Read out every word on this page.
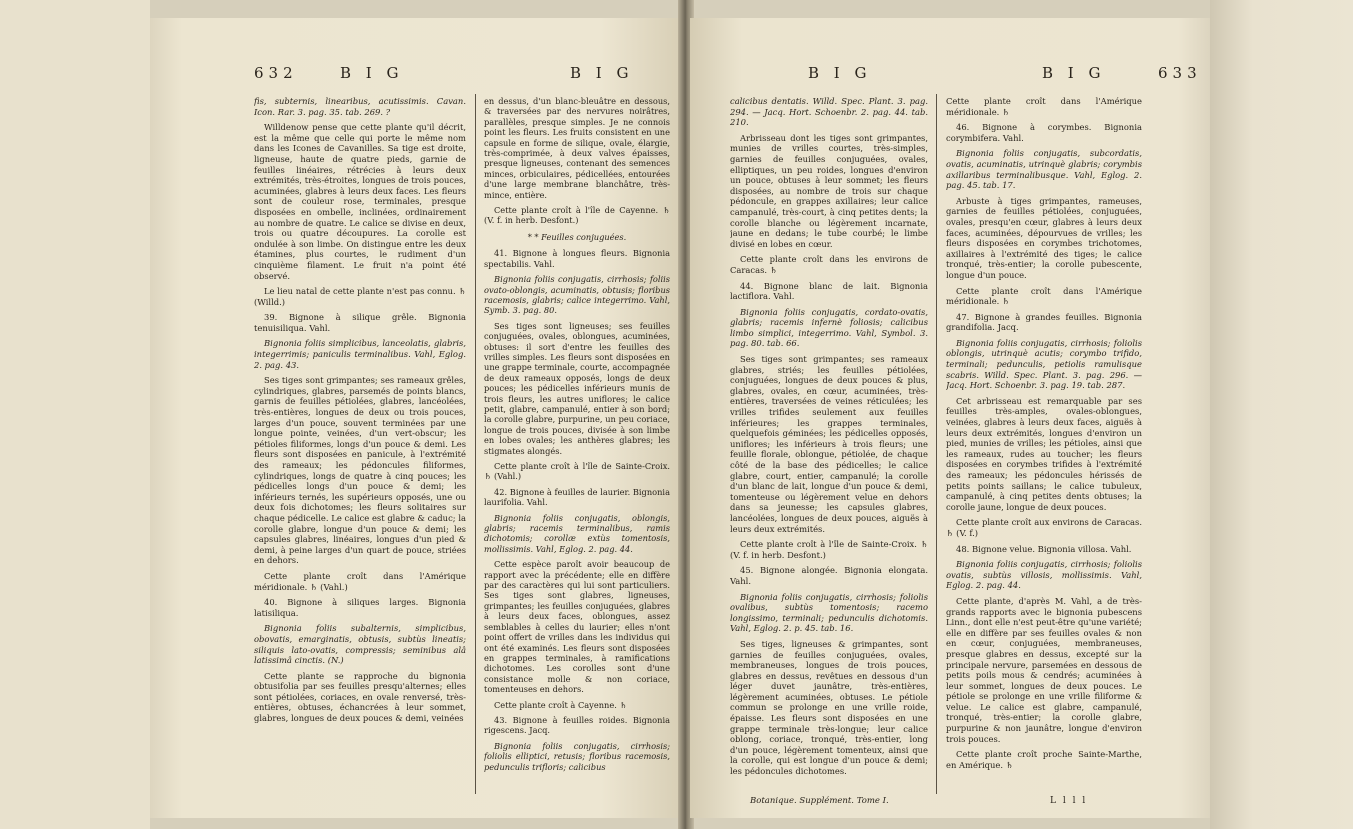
632	B I G	B I G

fis, subternis, linearibus, acutissimis. Cavan. Icon. Rar. 3. pag. 35. tab. 269. ?

Willdenow pense que cette plante qu'il décrit, est la même que celle qui porte le même nom dans les Icones de Cavanilles. Sa tige est droite, ligneuse, haute de quatre pieds, garnie de feuilles linéaires, rétrécies à leurs deux extrémités, très-étroites, longues de trois pouces, acuminées, glabres à leurs deux faces. Les fleurs sont de couleur rose, terminales, presque disposées en ombelle, inclinées, ordinairement au nombre de quatre. Le calice se divise en deux, trois ou quatre découpures. La corolle est ondulée à son limbe. On distingue entre les deux étamines, plus courtes, le rudiment d'un cinquième filament. Le fruit n'a point été observé.

Le lieu natal de cette plante n'est pas connu. ♄ (Willd.)

39. Bignone à silique grêle. Bignonia tenuisiliqua. Vahl.

Bignonia foliis simplicibus, lanceolatis, glabris, integerrimis; paniculis terminalibus. Vahl, Eglog. 2. pag. 43.

Ses tiges sont grimpantes; ses rameaux grêles, cylindriques, glabres, parsemés de points blancs, garnis de feuilles pétiolées, glabres, lancéolées, très-entières, longues de deux ou trois pouces, larges d'un pouce, souvent terminées par une longue pointe, veinées, d'un vert-obscur; les pétioles filiformes, longs d'un pouce & demi. Les fleurs sont disposées en panicule, à l'extrémité des rameaux; les pédoncules filiformes, cylindriques, longs de quatre à cinq pouces; les pédicelles longs d'un pouce & demi; les inférieurs ternés, les supérieurs opposés, une ou deux fois dichotomes; les fleurs solitaires sur chaque pédicelle. Le calice est glabre & caduc; la corolle glabre, longue d'un pouce & demi; les capsules glabres, linéaires, longues d'un pied & demi, à peine larges d'un quart de pouce, striées en dehors.

Cette plante croît dans l'Amérique méridionale. ♄ (Vahl.)

40. Bignone à siliques larges. Bignonia latisiliqua.

Bignonia foliis subalternis, simplicibus, obovatis, emarginatis, obtusis, subtùs lineatis; siliquis lato-ovatis, compressis; seminibus alâ latissimâ cinctis. (N.)

Cette plante se rapproche du bignonia obtusifolia par ses feuilles presqu'alternes; elles sont pétiolées, coriaces, en ovale renversé, très-entières, obtuses, échancrées à leur sommet, glabres, longues de deux pouces & demi, veinées

en dessus, d'un blanc-bleuâtre en dessous, & traversées par des nervures noirâtres, parallèles, presque simples. Je ne connois point les fleurs. Les fruits consistent en une capsule en forme de silique, ovale, élargie, très-comprimée, à deux valves épaisses, presque ligneuses, contenant des semences minces, orbiculaires, pédicellées, entourées d'une large membrane blanchâtre, très-mince, entière.

Cette plante croît à l'île de Cayenne. ♄ (V. f. in herb. Desfont.)

* * Feuilles conjuguées.

41. Bignone à longues fleurs. Bignonia spectabilis. Vahl.

Bignonia foliis conjugatis, cirrhosis; foliis ovato-oblongis, acuminatis, obtusis; floribus racemosis, glabris; calice integerrimo. Vahl, Symb. 3. pag. 80.

Ses tiges sont ligneuses; ses feuilles conjuguées, ovales, oblongues, acuminées, obtuses: il sort d'entre les feuilles des vrilles simples. Les fleurs sont disposées en une grappe terminale, courte, accompagnée de deux rameaux opposés, longs de deux pouces; les pédicelles inférieurs munis de trois fleurs, les autres uniflores; le calice petit, glabre, campanulé, entier à son bord; la corolle glabre, purpurine, un peu coriace, longue de trois pouces, divisée à son limbe en lobes ovales; les anthères glabres; les stigmates alongés.

Cette plante croît à l'île de Sainte-Croix. ♄ (Vahl.)

42. Bignone à feuilles de laurier. Bignonia laurifolia. Vahl.

Bignonia foliis conjugatis, oblongis, glabris; racemis terminalibus, ramis dichotomis; corollæ extùs tomentosis, mollissimis. Vahl, Eglog. 2. pag. 44.

Cette espèce paroît avoir beaucoup de rapport avec la précédente; elle en diffère par des caractères qui lui sont particuliers. Ses tiges sont glabres, ligneuses, grimpantes; les feuilles conjuguées, glabres à leurs deux faces, oblongues, assez semblables à celles du laurier; elles n'ont point offert de vrilles dans les individus qui ont été examinés. Les fleurs sont disposées en grappes terminales, à ramifications dichotomes. Les corolles sont d'une consistance molle & non coriace, tomenteuses en dehors.

Cette plante croît à Cayenne. ♄

43. Bignone à feuilles roides. Bignonia rigescens. Jacq.

Bignonia foliis conjugatis, cirrhosis; foliolis elliptici, retusis; floribus racemosis, pedunculis trifloris; calicibus

B I G	B I G	633

calicibus dentatis. Willd. Spec. Plant. 3. pag. 294. — Jacq. Hort. Schoenbr. 2. pag. 44. tab. 210.

Arbrisseau dont les tiges sont grimpantes, munies de vrilles courtes, très-simples, garnies de feuilles conjuguées, ovales, elliptiques, un peu roides, longues d'environ un pouce, obtuses à leur sommet; les fleurs disposées, au nombre de trois sur chaque pédoncule, en grappes axillaires; leur calice campanulé, très-court, à cinq petites dents; la corolle blanche ou légèrement incarnate, jaune en dedans; le tube courbé; le limbe divisé en lobes en cœur.

Cette plante croît dans les environs de Caracas. ♄

44. Bignone blanc de lait. Bignonia lactiflora. Vahl.

Bignonia foliis conjugatis, cordato-ovatis, glabris; racemis infernè foliosis; calicibus limbo simplici, integerrimo. Vahl, Symbol. 3. pag. 80. tab. 66.

Ses tiges sont grimpantes; ses rameaux glabres, striés; les feuilles pétiolées, conjuguées, longues de deux pouces & plus, glabres, ovales, en cœur, acuminées, très-entières, traversées de veines réticulées; les vrilles trifides seulement aux feuilles inférieures; les grappes terminales, quelquefois géminées; les pédicelles opposés, uniflores; les inférieurs à trois fleurs; une feuille florale, oblongue, pétiolée, de chaque côté de la base des pédicelles; le calice glabre, court, entier, campanulé; la corolle d'un blanc de lait, longue d'un pouce & demi, tomenteuse ou légèrement velue en dehors dans sa jeunesse; les capsules glabres, lancéolées, longues de deux pouces, aiguës à leurs deux extrémités.

Cette plante croît à l'île de Sainte-Croix. ♄ (V. f. in herb. Desfont.)

45. Bignone alongée. Bignonia elongata. Vahl.

Bignonia foliis conjugatis, cirrhosis; foliolis ovalibus, subtùs tomentosis; racemo longissimo, terminali; pedunculis dichotomis. Vahl, Eglog. 2. p. 45. tab. 16.

Ses tiges, ligneuses & grimpantes, sont garnies de feuilles conjuguées, ovales, membraneuses, longues de trois pouces, glabres en dessus, revêtues en dessous d'un léger duvet jaunâtre, très-entières, légèrement acuminées, obtuses. Le pétiole commun se prolonge en une vrille roide, épaisse. Les fleurs sont disposées en une grappe terminale très-longue; leur calice oblong, coriace, tronqué, très-entier, long d'un pouce, légèrement tomenteux, ainsi que la corolle, qui est longue d'un pouce & demi; les pédoncules dichotomes.

Cette plante croît dans l'Amérique méridionale. ♄

46. Bignone à corymbes. Bignonia corymbifera. Vahl.

Bignonia foliis conjugatis, subcordatis, ovatis, acuminatis, utrinquè glabris; corymbis axillaribus terminalibusque. Vahl, Eglog. 2. pag. 45. tab. 17.

Arbuste à tiges grimpantes, rameuses, garnies de feuilles pétiolées, conjuguées, ovales, presqu'en cœur, glabres à leurs deux faces, acuminées, dépourvues de vrilles; les fleurs disposées en corymbes trichotomes, axillaires à l'extrémité des tiges; le calice tronqué, très-entier; la corolle pubescente, longue d'un pouce.

Cette plante croît dans l'Amérique méridionale. ♄

47. Bignone à grandes feuilles. Bignonia grandifolia. Jacq.

Bignonia foliis conjugatis, cirrhosis; foliolis oblongis, utrinquè acutis; corymbo trifido, terminali; pedunculis, petiolis ramulisque scabris. Willd. Spec. Plant. 3. pag. 296. — Jacq. Hort. Schoenbr. 3. pag. 19. tab. 287.

Cet arbrisseau est remarquable par ses feuilles très-amples, ovales-oblongues, veinées, glabres à leurs deux faces, aiguës à leurs deux extrémités, longues d'environ un pied, munies de vrilles; les pétioles, ainsi que les rameaux, rudes au toucher; les fleurs disposées en corymbes trifides à l'extrémité des rameaux; les pédoncules hérissés de petits points saillans; le calice tubuleux, campanulé, à cinq petites dents obtuses; la corolle jaune, longue de deux pouces.

Cette plante croît aux environs de Caracas. ♄ (V. f.)

48. Bignone velue. Bignonia villosa. Vahl.

Bignonia foliis conjugatis, cirrhosis; foliolis ovatis, subtùs villosis, mollissimis. Vahl, Eglog. 2. pag. 44.

Cette plante, d'après M. Vahl, a de très-grands rapports avec le bignonia pubescens Linn., dont elle n'est peut-être qu'une variété; elle en diffère par ses feuilles ovales & non en cœur, conjuguées, membraneuses, presque glabres en dessus, excepté sur la principale nervure, parsemées en dessous de petits poils mous & cendrés; acuminées à leur sommet, longues de deux pouces. Le pétiole se prolonge en une vrille filiforme & velue. Le calice est glabre, campanulé, tronqué, très-entier; la corolle glabre, purpurine & non jaunâtre, longue d'environ trois pouces.

Cette plante croît proche Sainte-Marthe, en Amérique. ♄

Botanique. Supplément. Tome I.	L l l l
